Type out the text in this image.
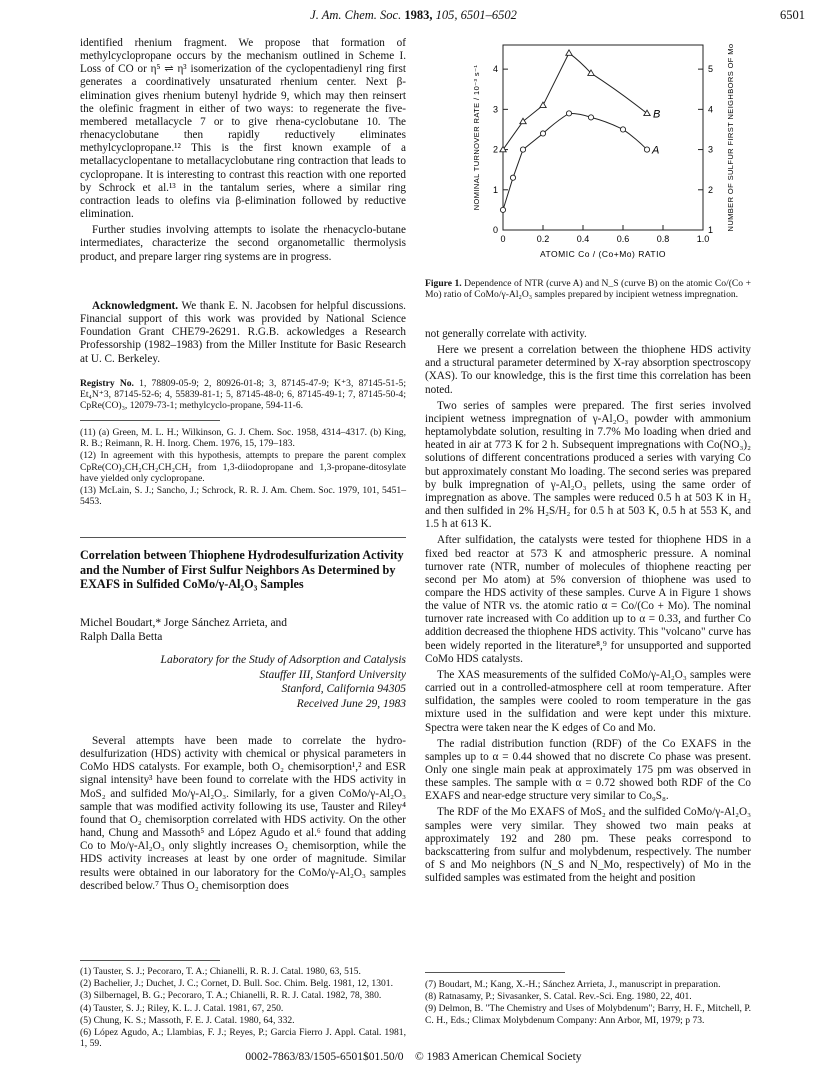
J. Am. Chem. Soc. 1983, 105, 6501–6502	6501

identified rhenium fragment. We propose that formation of methylcyclopropane occurs by the mechanism outlined in Scheme I. Loss of CO or η⁵ ⇌ η³ isomerization of the cyclopentadienyl ring first generates a coordinatively unsaturated rhenium center. Next β-elimination gives rhenium butenyl hydride 9, which may then reinsert the olefinic fragment in either of two ways: to regenerate the five-membered metallacycle 7 or to give rhena-cyclobutane 10. The rhenacyclobutane then rapidly reductively eliminates methylcyclopropane.¹² This is the first known example of a metallacyclopentane to metallacyclobutane ring contraction that leads to cyclopropane. It is interesting to contrast this reaction with one reported by Schrock et al.¹³ in the tantalum series, where a similar ring contraction leads to olefins via β-elimination followed by reductive elimination.

Further studies involving attempts to isolate the rhenacyclo-butane intermediates, characterize the second organometallic thermolysis product, and prepare larger ring systems are in progress.

Acknowledgment. We thank E. N. Jacobsen for helpful discussions. Financial support of this work was provided by National Science Foundation Grant CHE79-26291. R.G.B. ackowledges a Research Professorship (1982–1983) from the Miller Institute for Basic Research at U. C. Berkeley.

Registry No. 1, 78809-05-9; 2, 80926-01-8; 3, 87145-47-9; K⁺3, 87145-51-5; Et₄N⁺3, 87145-52-6; 4, 55839-81-1; 5, 87145-48-0; 6, 87145-49-1; 7, 87145-50-4; CpRe(CO)₃, 12079-73-1; methylcyclo-propane, 594-11-6.

(11) (a) Green, M. L. H.; Wilkinson, G. J. Chem. Soc. 1958, 4314–4317. (b) King, R. B.; Reimann, R. H. Inorg. Chem. 1976, 15, 179–183.

(12) In agreement with this hypothesis, attempts to prepare the parent complex CpRe(CO)₂CH₂CH₂CH₂CH₂ from 1,3-diiodopropane and 1,3-propane-ditosylate have yielded only cyclopropane.

(13) McLain, S. J.; Sancho, J.; Schrock, R. R. J. Am. Chem. Soc. 1979, 101, 5451–5453.

Correlation between Thiophene Hydrodesulfurization Activity and the Number of First Sulfur Neighbors As Determined by EXAFS in Sulfided CoMo/γ-Al₂O₃ Samples
Michel Boudart,* Jorge Sánchez Arrieta, and
Ralph Dalla Betta
Laboratory for the Study of Adsorption and Catalysis
Stauffer III, Stanford University
Stanford, California 94305
Received June 29, 1983

Several attempts have been made to correlate the hydro-desulfurization (HDS) activity with chemical or physical parameters in CoMo HDS catalysts. For example, both O₂ chemisorption¹,² and ESR signal intensity³ have been found to correlate with the HDS activity in MoS₂ and sulfided Mo/γ-Al₂O₃. Similarly, for a given CoMo/γ-Al₂O₃ sample that was modified activity following its use, Tauster and Riley⁴ found that O₂ chemisorption correlated with HDS activity. On the other hand, Chung and Massoth⁵ and López Agudo et al.⁶ found that adding Co to Mo/γ-Al₂O₃ only slightly increases O₂ chemisorption, while the HDS activity increases at least by one order of magnitude. Similar results were obtained in our laboratory for the CoMo/γ-Al₂O₃ samples described below.⁷ Thus O₂ chemisorption does

(1) Tauster, S. J.; Pecoraro, T. A.; Chianelli, R. R. J. Catal. 1980, 63, 515.

(2) Bachelier, J.; Duchet, J. C.; Cornet, D. Bull. Soc. Chim. Belg. 1981, 12, 1301.

(3) Silbernagel, B. G.; Pecoraro, T. A.; Chianelli, R. R. J. Catal. 1982, 78, 380.

(4) Tauster, S. J.; Riley, K. L. J. Catal. 1981, 67, 250.

(5) Chung, K. S.; Massoth, F. E. J. Catal. 1980, 64, 332.

(6) López Agudo, A.; Llambias, F. J.; Reyes, P.; Garcia Fierro J. Appl. Catal. 1981, 1, 59.

0	0.2	0.4	0.6	0.8	1.0
0
1
2
3
4
1
2
3
4
5
ATOMIC Co / (Co+Mo) RATIO
NOMINAL TURNOVER RATE / 10⁻³ s⁻¹	NUMBER OF SULFUR FIRST NEIGHBORS OF Mo
A
B
Figure 1. Dependence of NTR (curve A) and N_S (curve B) on the atomic Co/(Co + Mo) ratio of CoMo/γ-Al₂O₃ samples prepared by incipient wetness impregnation.

not generally correlate with activity.

Here we present a correlation between the thiophene HDS activity and a structural parameter determined by X-ray absorption spectroscopy (XAS). To our knowledge, this is the first time this correlation has been noted.

Two series of samples were prepared. The first series involved incipient wetness impregnation of γ-Al₂O₃ powder with ammonium heptamolybdate solution, resulting in 7.7% Mo loading when dried and heated in air at 773 K for 2 h. Subsequent impregnations with Co(NO₃)₂ solutions of different concentrations produced a series with varying Co but approximately constant Mo loading. The second series was prepared by bulk impregnation of γ-Al₂O₃ pellets, using the same order of impregnation as above. The samples were reduced 0.5 h at 503 K in H₂ and then sulfided in 2% H₂S/H₂ for 0.5 h at 503 K, 0.5 h at 553 K, and 1.5 h at 613 K.

After sulfidation, the catalysts were tested for thiophene HDS in a fixed bed reactor at 573 K and atmospheric pressure. A nominal turnover rate (NTR, number of molecules of thiophene reacting per second per Mo atom) at 5% conversion of thiophene was used to compare the HDS activity of these samples. Curve A in Figure 1 shows the value of NTR vs. the atomic ratio α = Co/(Co + Mo). The nominal turnover rate increased with Co addition up to α = 0.33, and further Co addition decreased the thiophene HDS activity. This "volcano" curve has been widely reported in the literature⁸,⁹ for unsupported and supported CoMo HDS catalysts.

The XAS measurements of the sulfided CoMo/γ-Al₂O₃ samples were carried out in a controlled-atmosphere cell at room temperature. After sulfidation, the samples were cooled to room temperature in the gas mixture used in the sulfidation and were kept under this mixture. Spectra were taken near the K edges of Co and Mo.

The radial distribution function (RDF) of the Co EXAFS in the samples up to α = 0.44 showed that no discrete Co phase was present. Only one single main peak at approximately 175 pm was observed in these samples. The sample with α = 0.72 showed both RDF of the Co EXAFS and near-edge structure very similar to Co₉S₈.

The RDF of the Mo EXAFS of MoS₂ and the sulfided CoMo/γ-Al₂O₃ samples were very similar. They showed two main peaks at approximately 192 and 280 pm. These peaks correspond to backscattering from sulfur and molybdenum, respectively. The number of S and Mo neighbors (N_S and N_Mo, respectively) of Mo in the sulfided samples was estimated from the height and position

(7) Boudart, M.; Kang, X.-H.; Sánchez Arrieta, J., manuscript in preparation.

(8) Ratnasamy, P.; Sivasanker, S. Catal. Rev.-Sci. Eng. 1980, 22, 401.

(9) Delmon, B. "The Chemistry and Uses of Molybdenum"; Barry, H. F., Mitchell, P. C. H., Eds.; Climax Molybdenum Company: Ann Arbor, MI, 1979; p 73.

0002-7863/83/1505-6501$01.50/0 © 1983 American Chemical Society
